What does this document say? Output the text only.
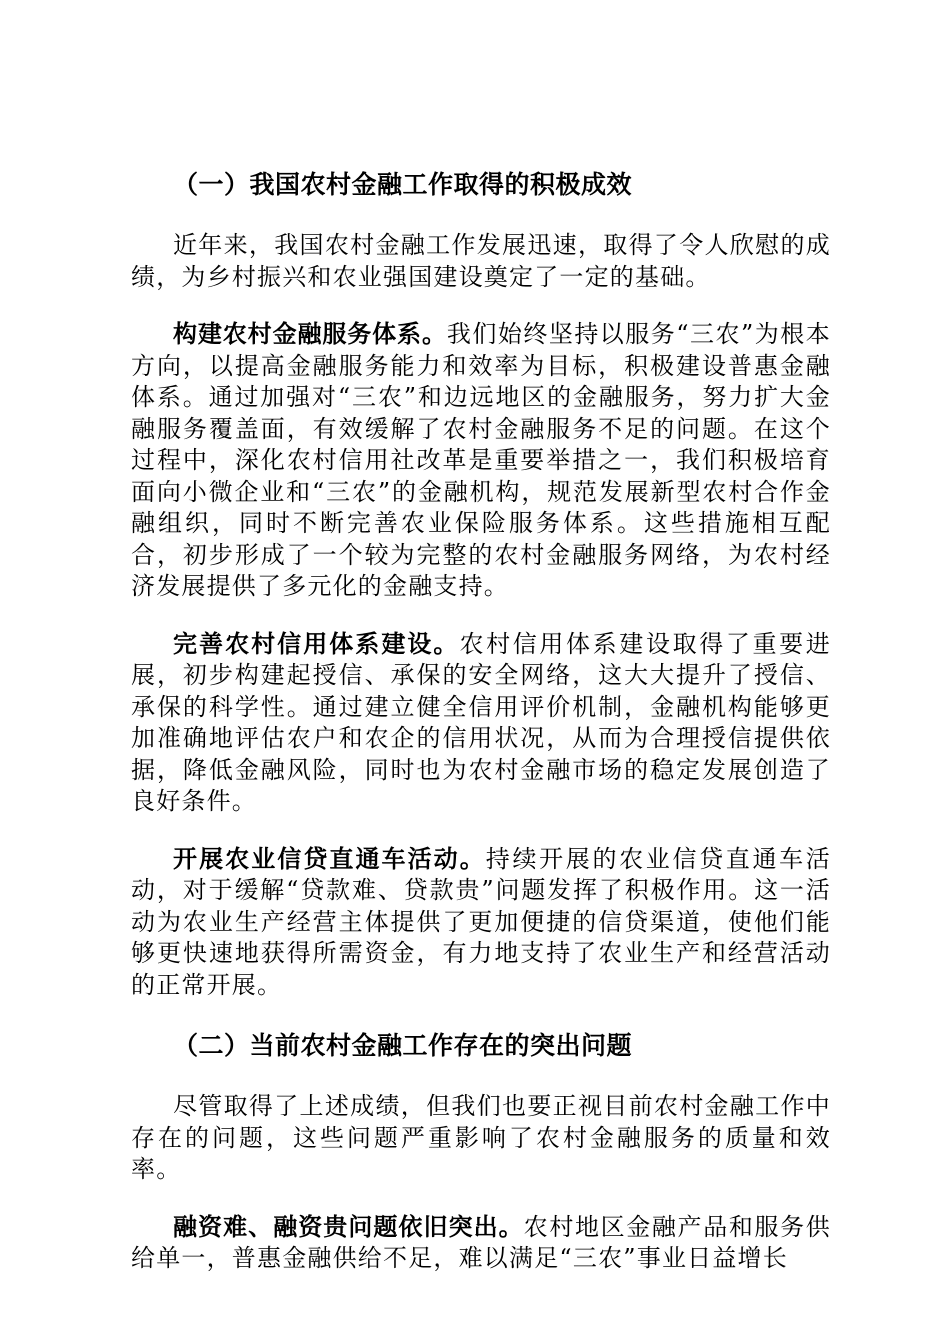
（一）我国农村金融工作取得的积极成效

近年来，我国农村金融工作发展迅速，取得了令人欣慰的成绩，为乡村振兴和农业强国建设奠定了一定的基础。

构建农村金融服务体系。我们始终坚持以服务“三农”为根本方向，以提高金融服务能力和效率为目标，积极建设普惠金融体系。通过加强对“三农”和边远地区的金融服务，努力扩大金融服务覆盖面，有效缓解了农村金融服务不足的问题。在这个过程中，深化农村信用社改革是重要举措之一，我们积极培育面向小微企业和“三农”的金融机构，规范发展新型农村合作金融组织，同时不断完善农业保险服务体系。这些措施相互配合，初步形成了一个较为完整的农村金融服务网络，为农村经济发展提供了多元化的金融支持。

完善农村信用体系建设。农村信用体系建设取得了重要进展，初步构建起授信、承保的安全网络，这大大提升了授信、承保的科学性。通过建立健全信用评价机制，金融机构能够更加准确地评估农户和农企的信用状况，从而为合理授信提供依据，降低金融风险，同时也为农村金融市场的稳定发展创造了良好条件。

开展农业信贷直通车活动。持续开展的农业信贷直通车活动，对于缓解“贷款难、贷款贵”问题发挥了积极作用。这一活动为农业生产经营主体提供了更加便捷的信贷渠道，使他们能够更快速地获得所需资金，有力地支持了农业生产和经营活动的正常开展。

（二）当前农村金融工作存在的突出问题

尽管取得了上述成绩，但我们也要正视目前农村金融工作中存在的问题，这些问题严重影响了农村金融服务的质量和效率。

融资难、融资贵问题依旧突出。农村地区金融产品和服务供给单一，普惠金融供给不足，难以满足“三农”事业日益增长
